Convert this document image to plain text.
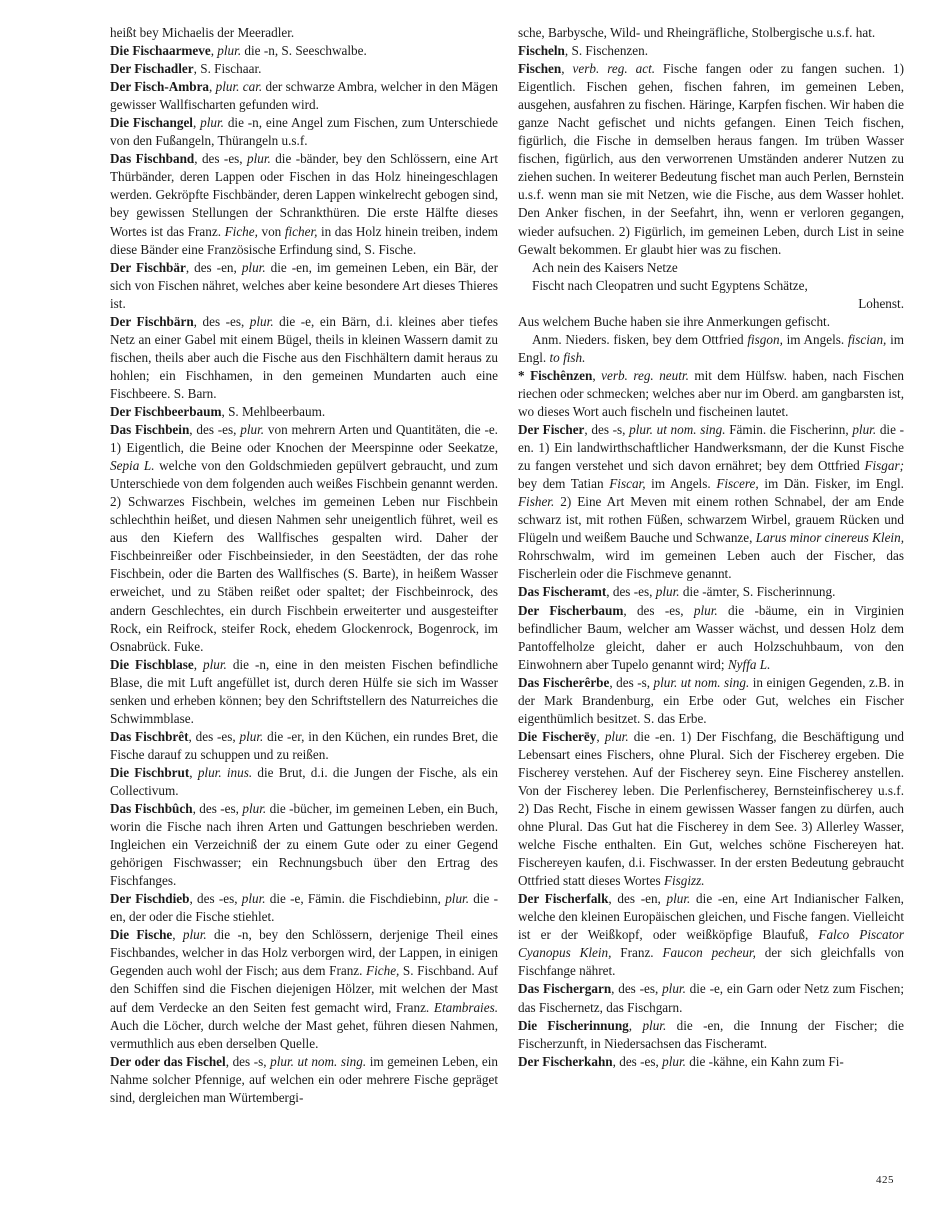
heißt bey Michaelis der Meeradler.

Die Fischaarmeve, plur. die -n, S. Seeschwalbe.

Der Fischadler, S. Fischaar.

Der Fisch-Ambra, plur. car. der schwarze Ambra, welcher in den Mägen gewisser Wallfischarten gefunden wird.

Die Fischangel, plur. die -n, eine Angel zum Fischen, zum Unterschiede von den Fußangeln, Thürangeln u.s.f.

Das Fischband, des -es, plur. die -bänder, bey den Schlössern, eine Art Thürbänder, deren Lappen oder Fischen in das Holz hineingeschlagen werden. Gekröpfte Fischbänder, deren Lappen winkelrecht gebogen sind, bey gewissen Stellungen der Schrankthüren. Die erste Hälfte dieses Wortes ist das Franz. Fiche, von ficher, in das Holz hinein treiben, indem diese Bänder eine Französische Erfindung sind, S. Fische.

Der Fischbär, des -en, plur. die -en, im gemeinen Leben, ein Bär, der sich von Fischen nähret, welches aber keine besondere Art dieses Thieres ist.

Der Fischbärn, des -es, plur. die -e, ein Bärn, d.i. kleines aber tiefes Netz an einer Gabel mit einem Bügel, theils in kleinen Wassern damit zu fischen, theils aber auch die Fische aus den Fischhältern damit heraus zu hohlen; ein Fischhamen, in den gemeinen Mundarten auch eine Fischbeere. S. Barn.

Der Fischbeerbaum, S. Mehlbeerbaum.

Das Fischbein, des -es, plur. von mehrern Arten und Quantitäten, die -e. 1) Eigentlich, die Beine oder Knochen der Meerspinne oder Seekatze, Sepia L. welche von den Goldschmieden gepülvert gebraucht, und zum Unterschiede von dem folgenden auch weißes Fischbein genannt werden. 2) Schwarzes Fischbein, welches im gemeinen Leben nur Fischbein schlechthin heißet, und diesen Nahmen sehr uneigentlich führet, weil es aus den Kiefern des Wallfisches gespalten wird. Daher der Fischbeinreißer oder Fischbeinsieder, in den Seestädten, der das rohe Fischbein, oder die Barten des Wallfisches (S. Barte), in heißem Wasser erweichet, und zu Stäben reißet oder spaltet; der Fischbeinrock, des andern Geschlechtes, ein durch Fischbein erweiterter und ausgesteifter Rock, ein Reifrock, steifer Rock, ehedem Glockenrock, Bogenrock, im Osnabrück. Fuke.

Die Fischblase, plur. die -n, eine in den meisten Fischen befindliche Blase, die mit Luft angefüllet ist, durch deren Hülfe sie sich im Wasser senken und erheben können; bey den Schriftstellern des Naturreiches die Schwimmblase.

Das Fischbrêt, des -es, plur. die -er, in den Küchen, ein rundes Bret, die Fische darauf zu schuppen und zu reißen.

Die Fischbrut, plur. inus. die Brut, d.i. die Jungen der Fische, als ein Collectivum.

Das Fischbûch, des -es, plur. die -bücher, im gemeinen Leben, ein Buch, worin die Fische nach ihren Arten und Gattungen beschrieben werden. Ingleichen ein Verzeichniß der zu einem Gute oder zu einer Gegend gehörigen Fischwasser; ein Rechnungsbuch über den Ertrag des Fischfanges.

Der Fischdieb, des -es, plur. die -e, Fämin. die Fischdiebinn, plur. die -en, der oder die Fische stiehlet.

Die Fische, plur. die -n, bey den Schlössern, derjenige Theil eines Fischbandes, welcher in das Holz verborgen wird, der Lappen, in einigen Gegenden auch wohl der Fisch; aus dem Franz. Fiche, S. Fischband. Auf den Schiffen sind die Fischen diejenigen Hölzer, mit welchen der Mast auf dem Verdecke an den Seiten fest gemacht wird, Franz. Etambraies. Auch die Löcher, durch welche der Mast gehet, führen diesen Nahmen, vermuthlich aus eben derselben Quelle.

Der oder das Fischel, des -s, plur. ut nom. sing. im gemeinen Leben, ein Nahme solcher Pfennige, auf welchen ein oder mehrere Fische gepräget sind, dergleichen man Würtembergi-

sche, Barbysche, Wild- und Rheingräfliche, Stolbergische u.s.f. hat.

Fischeln, S. Fischenzen.

Fischen, verb. reg. act. Fische fangen oder zu fangen suchen. 1) Eigentlich. Fischen gehen, fischen fahren, im gemeinen Leben, ausgehen, ausfahren zu fischen. Häringe, Karpfen fischen. Wir haben die ganze Nacht gefischet und nichts gefangen. Einen Teich fischen, figürlich, die Fische in demselben heraus fangen. Im trüben Wasser fischen, figürlich, aus den verworrenen Umständen anderer Nutzen zu ziehen suchen. In weiterer Bedeutung fischet man auch Perlen, Bernstein u.s.f. wenn man sie mit Netzen, wie die Fische, aus dem Wasser hohlet. Den Anker fischen, in der Seefahrt, ihn, wenn er verloren gegangen, wieder aufsuchen. 2) Figürlich, im gemeinen Leben, durch List in seine Gewalt bekommen. Er glaubt hier was zu fischen.

Ach nein des Kaisers Netze

Fischt nach Cleopatren und sucht Egyptens Schätze,

Lohenst.

Aus welchem Buche haben sie ihre Anmerkungen gefischt.

Anm. Nieders. fisken, bey dem Ottfried fisgon, im Angels. fiscian, im Engl. to fish.

* Fischênzen, verb. reg. neutr. mit dem Hülfsw. haben, nach Fischen riechen oder schmecken; welches aber nur im Oberd. am gangbarsten ist, wo dieses Wort auch fischeln und fischeinen lautet.

Der Fischer, des -s, plur. ut nom. sing. Fämin. die Fischerinn, plur. die -en. 1) Ein landwirthschaftlicher Handwerksmann, der die Kunst Fische zu fangen verstehet und sich davon ernähret; bey dem Ottfried Fisgar; bey dem Tatian Fiscar, im Angels. Fiscere, im Dän. Fisker, im Engl. Fisher. 2) Eine Art Meven mit einem rothen Schnabel, der am Ende schwarz ist, mit rothen Füßen, schwarzem Wirbel, grauem Rücken und Flügeln und weißem Bauche und Schwanze, Larus minor cinereus Klein, Rohrschwalm, wird im gemeinen Leben auch der Fischer, das Fischerlein oder die Fischmeve genannt.

Das Fischeramt, des -es, plur. die -ämter, S. Fischerinnung.

Der Fischerbaum, des -es, plur. die -bäume, ein in Virginien befindlicher Baum, welcher am Wasser wächst, und dessen Holz dem Pantoffelholze gleicht, daher er auch Holzschuhbaum, von den Einwohnern aber Tupelo genannt wird; Nyffa L.

Das Fischerêrbe, des -s, plur. ut nom. sing. in einigen Gegenden, z.B. in der Mark Brandenburg, ein Erbe oder Gut, welches ein Fischer eigenthümlich besitzet. S. das Erbe.

Die Fischerēy, plur. die -en. 1) Der Fischfang, die Beschäftigung und Lebensart eines Fischers, ohne Plural. Sich der Fischerey ergeben. Die Fischerey verstehen. Auf der Fischerey seyn. Eine Fischerey anstellen. Von der Fischerey leben. Die Perlenfischerey, Bernsteinfischerey u.s.f. 2) Das Recht, Fische in einem gewissen Wasser fangen zu dürfen, auch ohne Plural. Das Gut hat die Fischerey in dem See. 3) Allerley Wasser, welche Fische enthalten. Ein Gut, welches schöne Fischereyen hat. Fischereyen kaufen, d.i. Fischwasser. In der ersten Bedeutung gebraucht Ottfried statt dieses Wortes Fisgizz.

Der Fischerfalk, des -en, plur. die -en, eine Art Indianischer Falken, welche den kleinen Europäischen gleichen, und Fische fangen. Vielleicht ist er der Weißkopf, oder weißköpfige Blaufuß, Falco Piscator Cyanopus Klein, Franz. Faucon pecheur, der sich gleichfalls von Fischfange nähret.

Das Fischergarn, des -es, plur. die -e, ein Garn oder Netz zum Fischen; das Fischernetz, das Fischgarn.

Die Fischerinnung, plur. die -en, die Innung der Fischer; die Fischerzunft, in Niedersachsen das Fischeramt.

Der Fischerkahn, des -es, plur. die -kähne, ein Kahn zum Fi-

425
